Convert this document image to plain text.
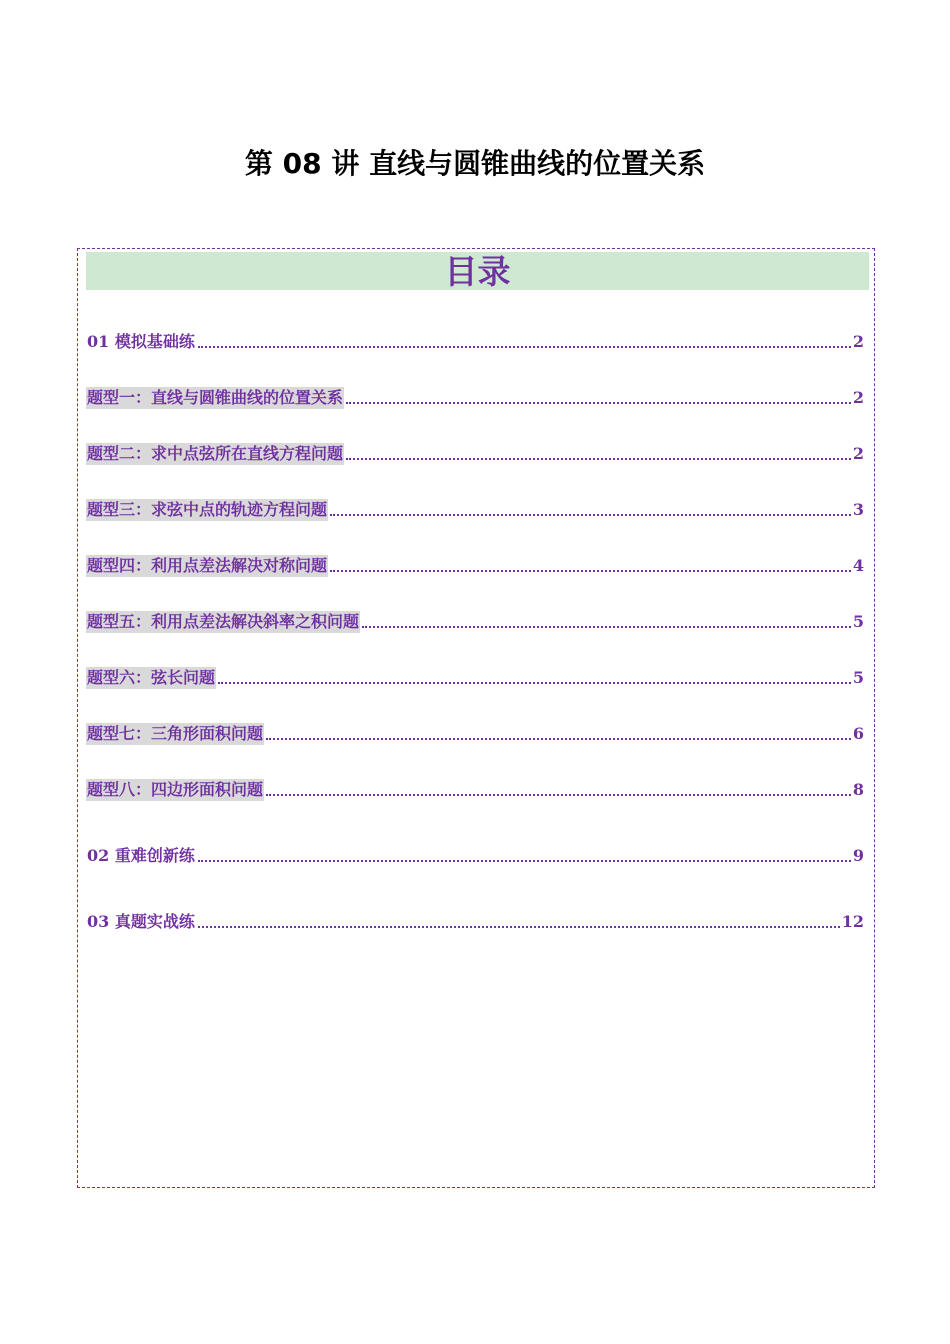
第 08 讲 直线与圆锥曲线的位置关系
目录
01 模拟基础练	2
题型一：直线与圆锥曲线的位置关系	2
题型二：求中点弦所在直线方程问题	2
题型三：求弦中点的轨迹方程问题	3
题型四：利用点差法解决对称问题	4
题型五：利用点差法解决斜率之积问题	5
题型六：弦长问题	5
题型七：三角形面积问题	6
题型八：四边形面积问题	8
02 重难创新练	9
03 真题实战练	12
